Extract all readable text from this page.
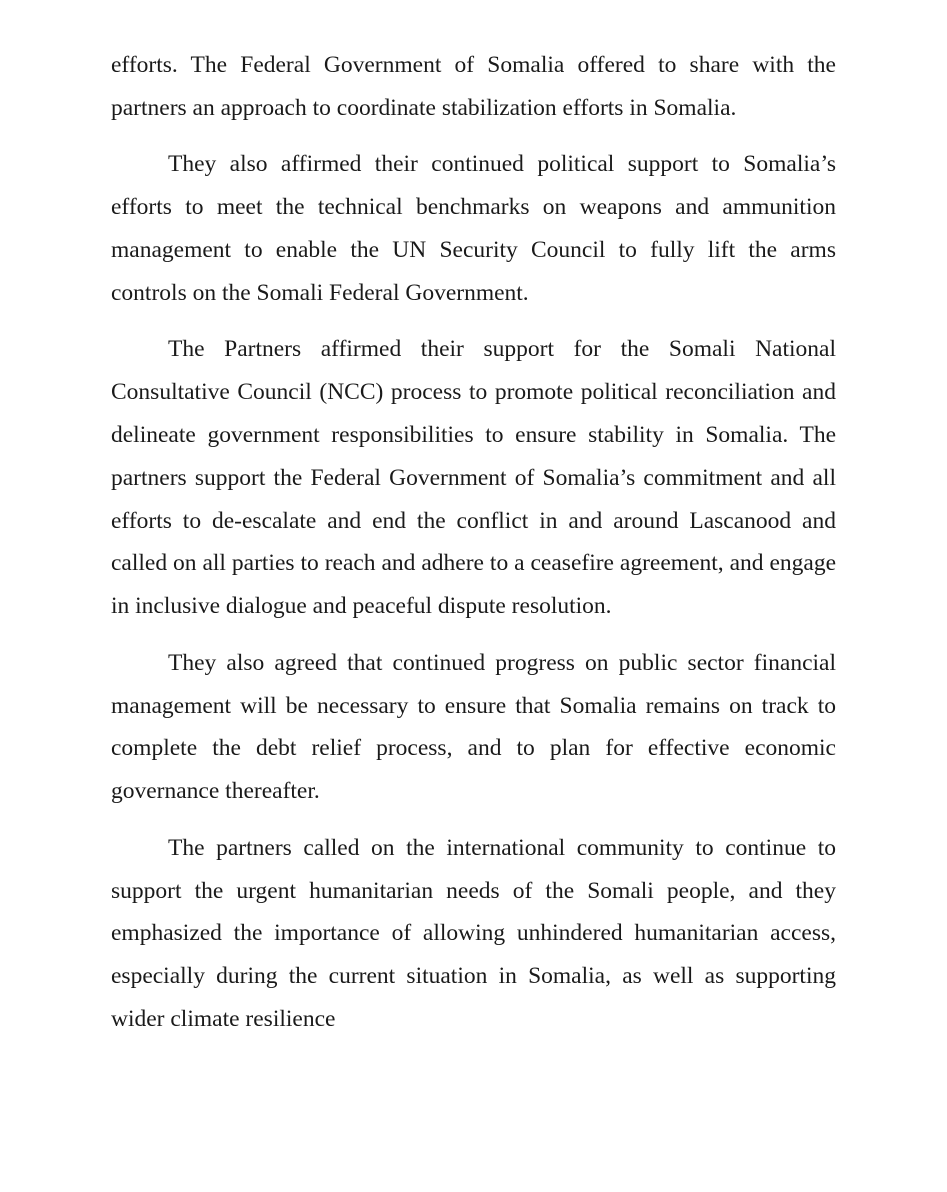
efforts. The Federal Government of Somalia offered to share with the partners an approach to coordinate stabilization efforts in Somalia.

They also affirmed their continued political support to Somalia’s efforts to meet the technical benchmarks on weapons and ammunition management to enable the UN Security Council to fully lift the arms controls on the Somali Federal Government.

The Partners affirmed their support for the Somali National Consultative Council (NCC) process to promote political reconciliation and delineate government responsibilities to ensure stability in Somalia. The partners support the Federal Government of Somalia’s commitment and all efforts to de-escalate and end the conflict in and around Lascanood and called on all parties to reach and adhere to a ceasefire agreement, and engage in inclusive dialogue and peaceful dispute resolution.

They also agreed that continued progress on public sector financial management will be necessary to ensure that Somalia remains on track to complete the debt relief process, and to plan for effective economic governance thereafter.

The partners called on the international community to continue to support the urgent humanitarian needs of the Somali people, and they emphasized the importance of allowing unhindered humanitarian access, especially during the current situation in Somalia, as well as supporting wider climate resilience
